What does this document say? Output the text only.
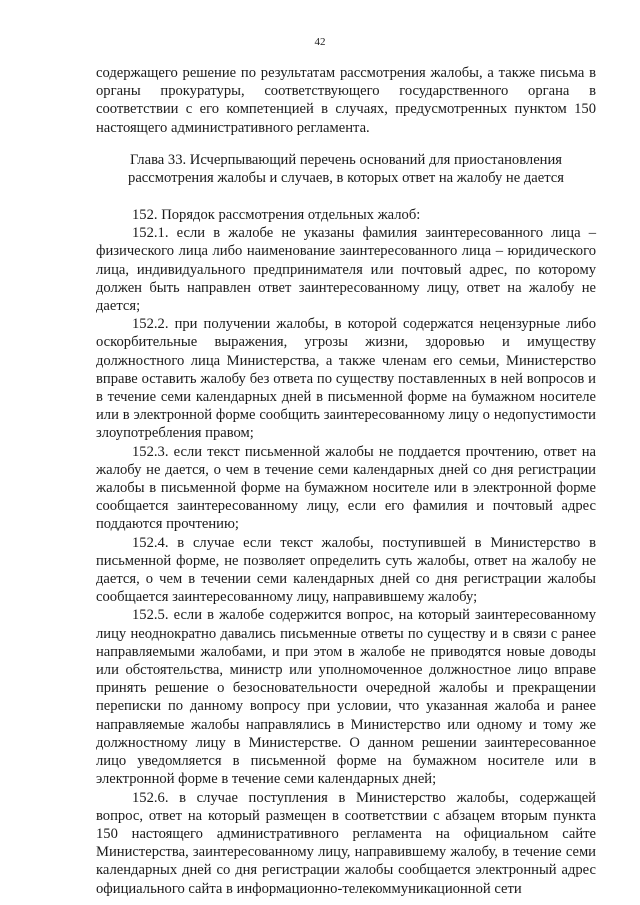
42

содержащего решение по результатам рассмотрения жалобы, а также письма в органы прокуратуры, соответствующего государственного органа в соответствии с его компетенцией в случаях, предусмотренных пунктом 150 настоящего административного регламента.

Глава 33. Исчерпывающий перечень оснований для приостановления рассмотрения жалобы и случаев, в которых ответ на жалобу не дается

152. Порядок рассмотрения отдельных жалоб:

152.1. если в жалобе не указаны фамилия заинтересованного лица – физического лица либо наименование заинтересованного лица – юридического лица, индивидуального предпринимателя или почтовый адрес, по которому должен быть направлен ответ заинтересованному лицу, ответ на жалобу не дается;

152.2. при получении жалобы, в которой содержатся нецензурные либо оскорбительные выражения, угрозы жизни, здоровью и имуществу должностного лица Министерства, а также членам его семьи, Министерство вправе оставить жалобу без ответа по существу поставленных в ней вопросов и в течение семи календарных дней в письменной форме на бумажном носителе или в электронной форме сообщить заинтересованному лицу о недопустимости злоупотребления правом;

152.3. если текст письменной жалобы не поддается прочтению, ответ на жалобу не дается, о чем в течение семи календарных дней со дня регистрации жалобы в письменной форме на бумажном носителе или в электронной форме сообщается заинтересованному лицу, если его фамилия и почтовый адрес поддаются прочтению;

152.4. в случае если текст жалобы, поступившей в Министерство в письменной форме, не позволяет определить суть жалобы, ответ на жалобу не дается, о чем в течении семи календарных дней со дня регистрации жалобы сообщается заинтересованному лицу, направившему жалобу;

152.5. если в жалобе содержится вопрос, на который заинтересованному лицу неоднократно давались письменные ответы по существу и в связи с ранее направляемыми жалобами, и при этом в жалобе не приводятся новые доводы или обстоятельства, министр или уполномоченное должностное лицо вправе принять решение о безосновательности очередной жалобы и прекращении переписки по данному вопросу при условии, что указанная жалоба и ранее направляемые жалобы направлялись в Министерство или одному и тому же должностному лицу в Министерстве. О данном решении заинтересованное лицо уведомляется в письменной форме на бумажном носителе или в электронной форме в течение семи календарных дней;

152.6. в случае поступления в Министерство жалобы, содержащей вопрос, ответ на который размещен в соответствии с абзацем вторым пункта 150 настоящего административного регламента на официальном сайте Министерства, заинтересованному лицу, направившему жалобу, в течение семи календарных дней со дня регистрации жалобы сообщается электронный адрес официального сайта в информационно-телекоммуникационной сети
